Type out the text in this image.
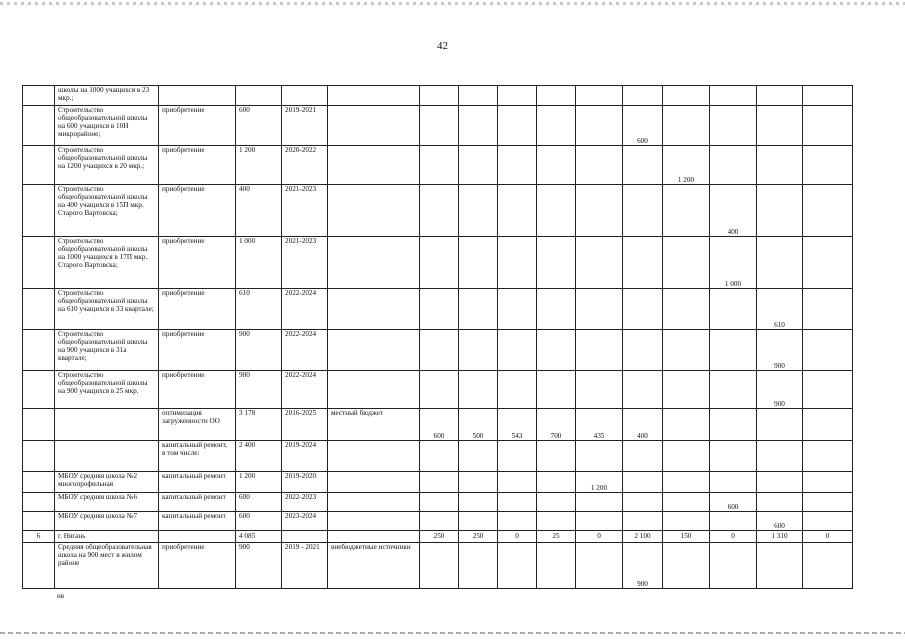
42
	школы на 1000 учащихся в 23 мкр.;														
	Строительство общеобразовательной школы на 600 учащихся в 10Н микрорайоне;	приобретение	600	2019-2021							600				
	Строительство общеобразовательной школы на 1200 учащихся в 20 мкр.;	приобретение	1 200	2020-2022								1 200			
	Строительство общеобразовательной школы на 400 учащихся в 15П мкр. Старого Вартовска;	приобретение	400	2021-2023									400		
	Строительство общеобразовательной школы на 1000 учащихся в 17П мкр. Старого Вартовска;	приобретение	1 000	2021-2023									1 000		
	Строительство общеобразовательной школы на 610 учащихся в 33 квартале;	приобретение	610	2022-2024										610	
	Строительство общеобразовательной школы на 900 учащихся в 31а квартале;	приобретение	900	2022-2024										900	
	Строительство общеобразовательной школы на 900 учащихся в 25 мкр.	приобретение	900	2022-2024										900	
		оптимизация загруженности ОО	3 178	2016-2025	местный бюджет	600	500	543	700	435	400				
		капитальный ремонт, в том числе:	2 400	2019-2024											
	МБОУ средняя школа №2 многопрофильная	капитальный ремонт	1 200	2019-2020						1 200					
	МБОУ средняя школа №6	капитальный ремонт	600	2022-2023									600		
	МБОУ средняя школа №7	капитальный ремонт	600	2023-2024										600	
6	г. Нягань		4 085			250	250	0	25	0	2 100	150	0	1 310	0
	Средняя общеобразовательная школа на 900 мест в жилом районе	приобретение	900	2019 - 2021	внебюджетные источники						900				
нв
